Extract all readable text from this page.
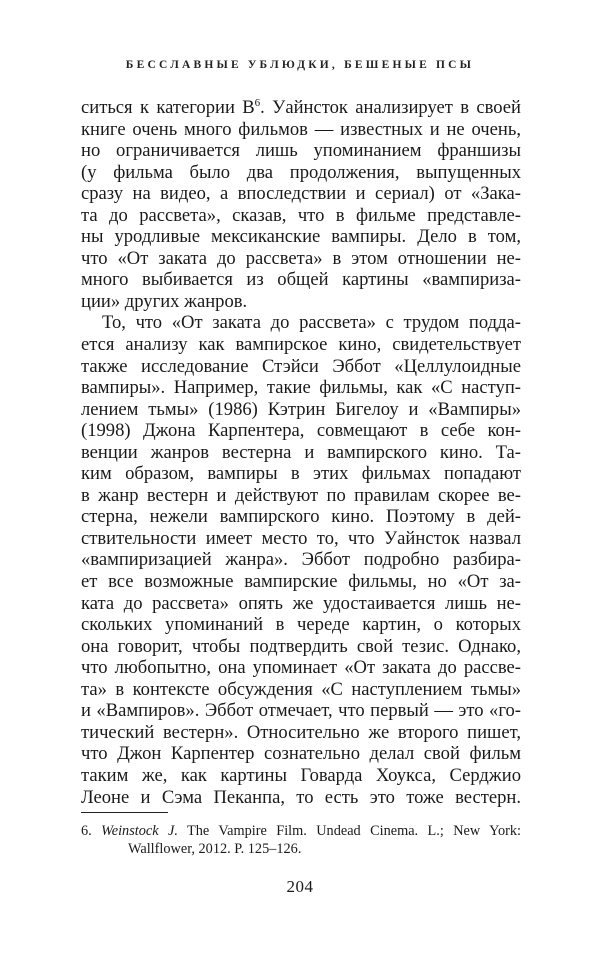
БЕССЛАВНЫЕ УБЛЮДКИ, БЕШЕНЫЕ ПСЫ
ситься к категории $B^6$. Уайнсток анализирует в своей
книге очень много фильмов — известных и не очень,
но ограничивается лишь упоминанием франшизы
(у фильма было два продолжения, выпущенных
сразу на видео, а впоследствии и сериал) от «Зака-
та до рассвета», сказав, что в фильме представле-
ны уродливые мексиканские вампиры. Дело в том,
что «От заката до рассвета» в этом отношении не-
много выбивается из общей картины «вампириза-
ции» других жанров.
То, что «От заката до рассвета» с трудом подда-
ется анализу как вампирское кино, свидетельствует
также исследование Стэйси Эббот «Целлулоидные
вампиры». Например, такие фильмы, как «С наступ-
лением тьмы» (1986) Кэтрин Бигелоу и «Вампиры»
(1998) Джона Карпентера, совмещают в себе кон-
венции жанров вестерна и вампирского кино. Та-
ким образом, вампиры в этих фильмах попадают
в жанр вестерн и действуют по правилам скорее ве-
стерна, нежели вампирского кино. Поэтому в дей-
ствительности имеет место то, что Уайнсток назвал
«вампиризацией жанра». Эббот подробно разбира-
ет все возможные вампирские фильмы, но «От за-
ката до рассвета» опять же удостаивается лишь не-
скольких упоминаний в череде картин, о которых
она говорит, чтобы подтвердить свой тезис. Однако,
что любопытно, она упоминает «От заката до рассве-
та» в контексте обсуждения «С наступлением тьмы»
и «Вампиров». Эббот отмечает, что первый — это «го-
тический вестерн». Относительно же второго пишет,
что Джон Карпентер сознательно делал свой фильм
таким же, как картины Говарда Хоукса, Серджио
Леоне и Сэма Пеканпа, то есть это тоже вестерн.
6. Weinstock J. The Vampire Film. Undead Cinema. L.; New York:
Wallflower, 2012. P. 125–126.
204
